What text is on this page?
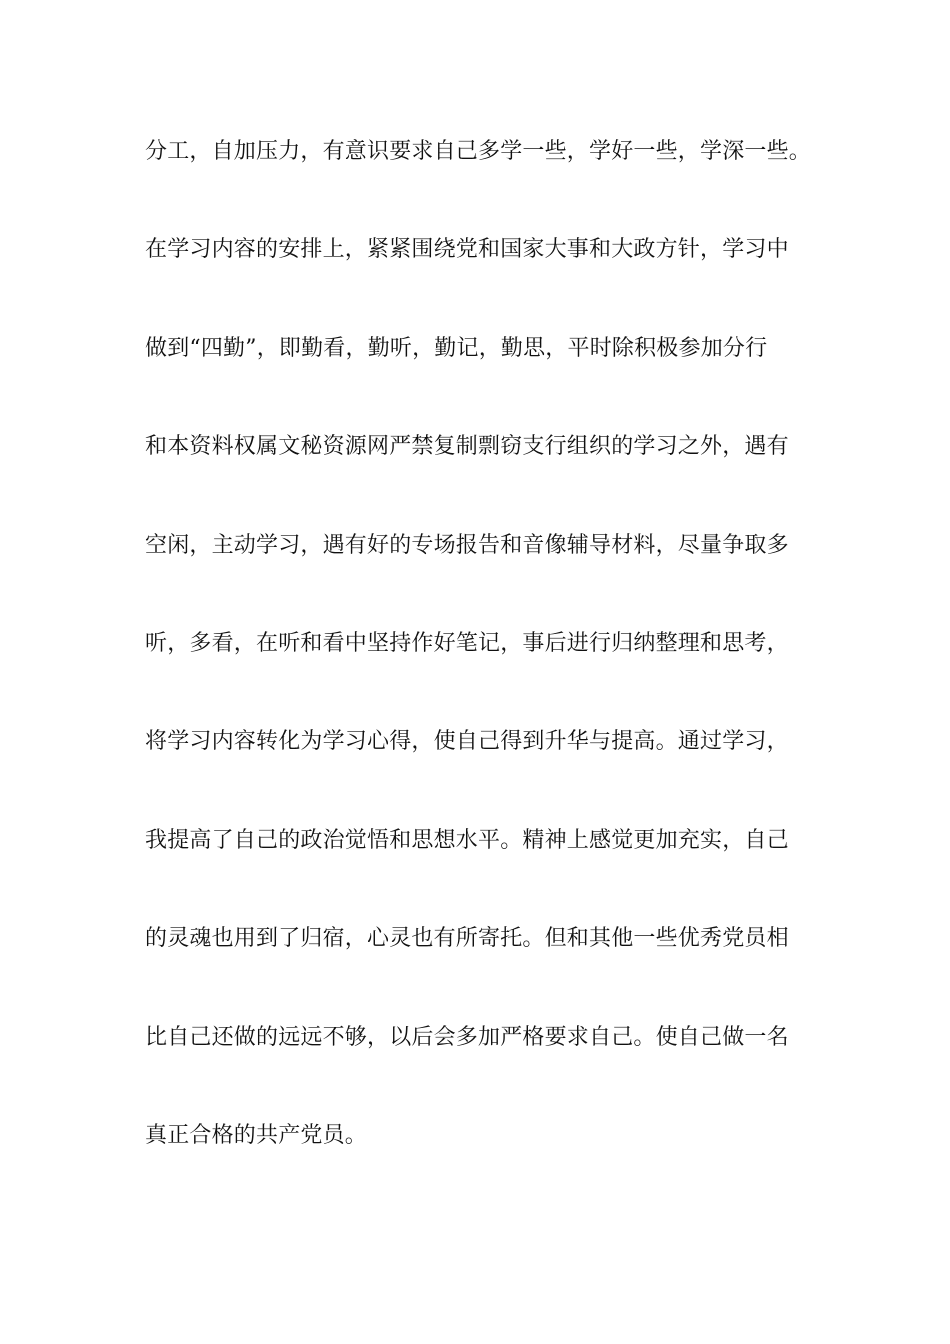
分工，自加压力，有意识要求自己多学一些，学好一些，学深一些。
在学习内容的安排上，紧紧围绕党和国家大事和大政方针，学习中
做到“四勤”，即勤看，勤听，勤记，勤思，平时除积极参加分行
和本资料权属文秘资源网严禁复制剽窃支行组织的学习之外，遇有
空闲，主动学习，遇有好的专场报告和音像辅导材料，尽量争取多
听，多看，在听和看中坚持作好笔记，事后进行归纳整理和思考，
将学习内容转化为学习心得，使自己得到升华与提高。通过学习，
我提高了自己的政治觉悟和思想水平。精神上感觉更加充实，自己
的灵魂也用到了归宿，心灵也有所寄托。但和其他一些优秀党员相
比自己还做的远远不够，以后会多加严格要求自己。使自己做一名
真正合格的共产党员。
